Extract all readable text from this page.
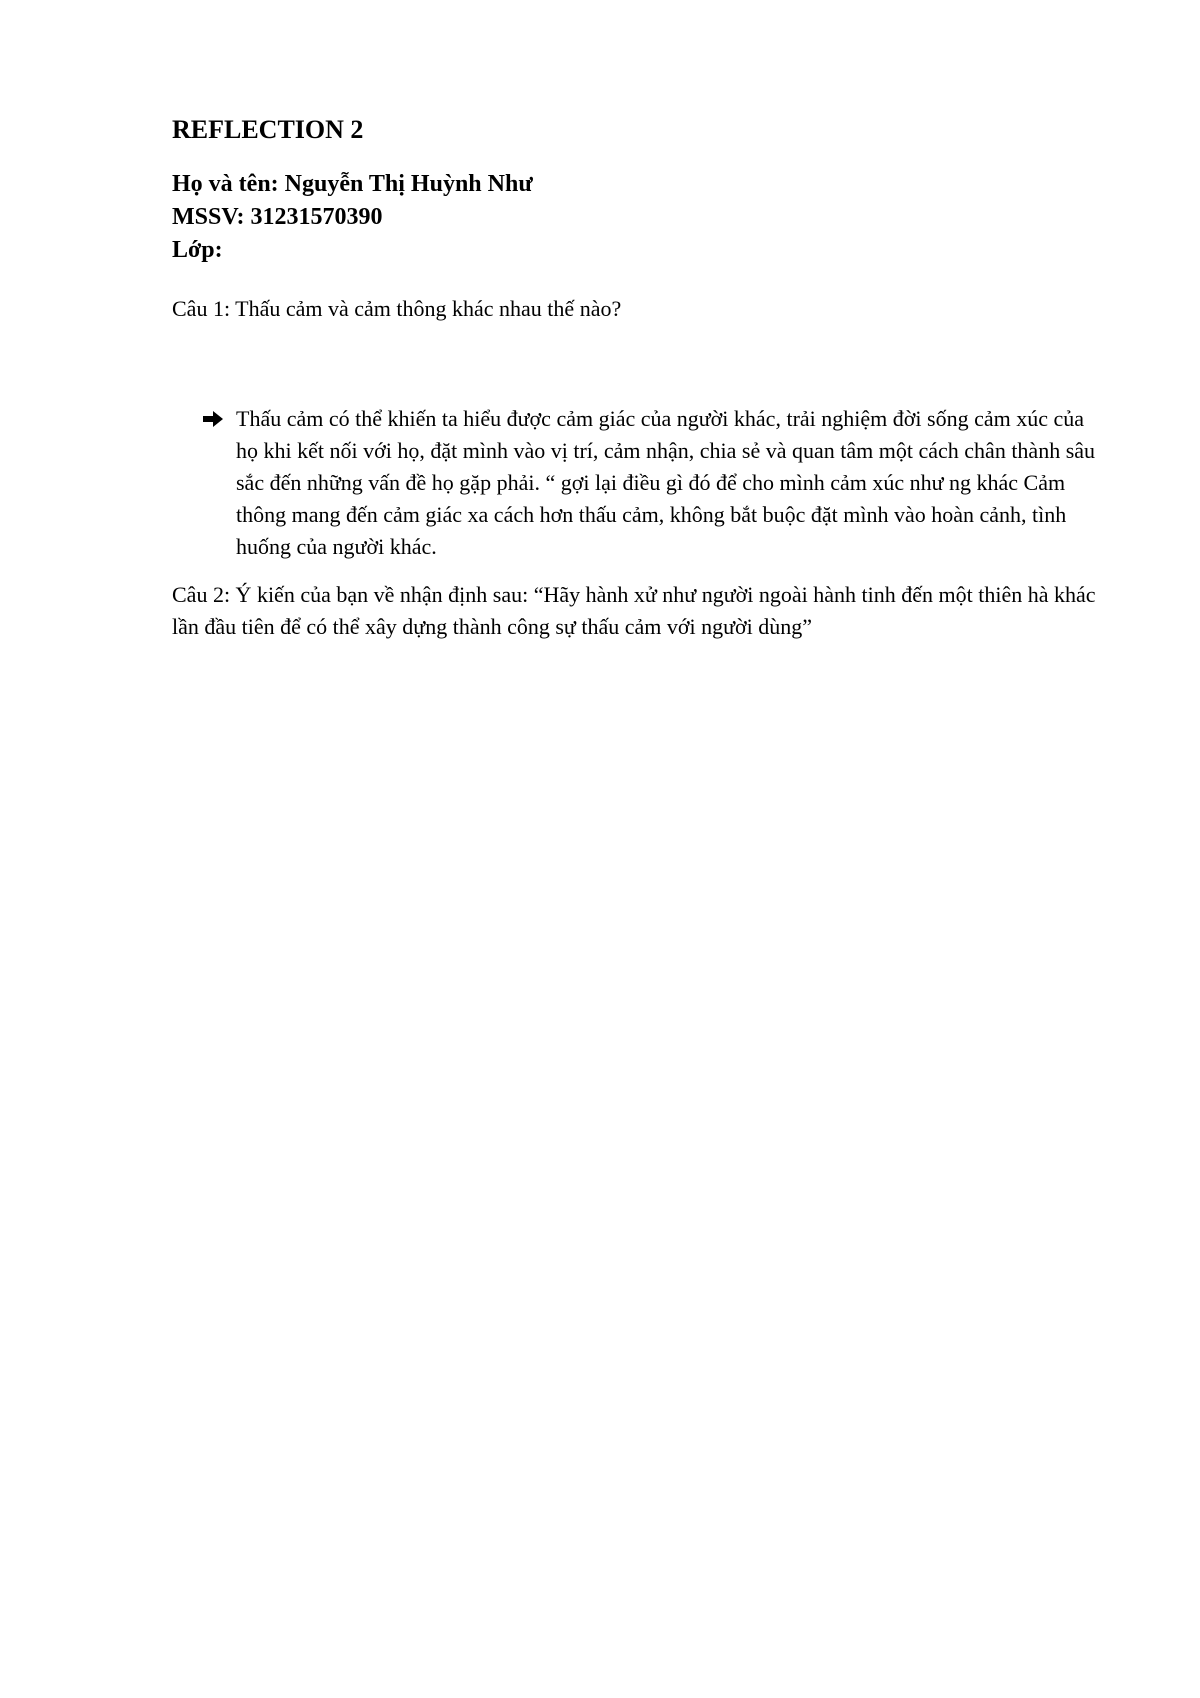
REFLECTION 2

Họ và tên: Nguyễn Thị Huỳnh Như

MSSV: 31231570390

Lớp:

Câu 1: Thấu cảm và cảm thông khác nhau thế nào?

Thấu cảm có thể khiến ta hiểu được cảm giác của người khác, trải nghiệm đời sống cảm xúc của họ khi kết nối với họ, đặt mình vào vị trí, cảm nhận, chia sẻ và quan tâm một cách chân thành sâu sắc đến những vấn đề họ gặp phải. “ gợi lại điều gì đó để cho mình cảm xúc như ng khác Cảm thông mang đến cảm giác xa cách hơn thấu cảm, không bắt buộc đặt mình vào hoàn cảnh, tình huống của người khác.

Câu 2: Ý kiến của bạn về nhận định sau: “Hãy hành xử như người ngoài hành tinh đến một thiên hà khác lần đầu tiên để có thể xây dựng thành công sự thấu cảm với người dùng”
